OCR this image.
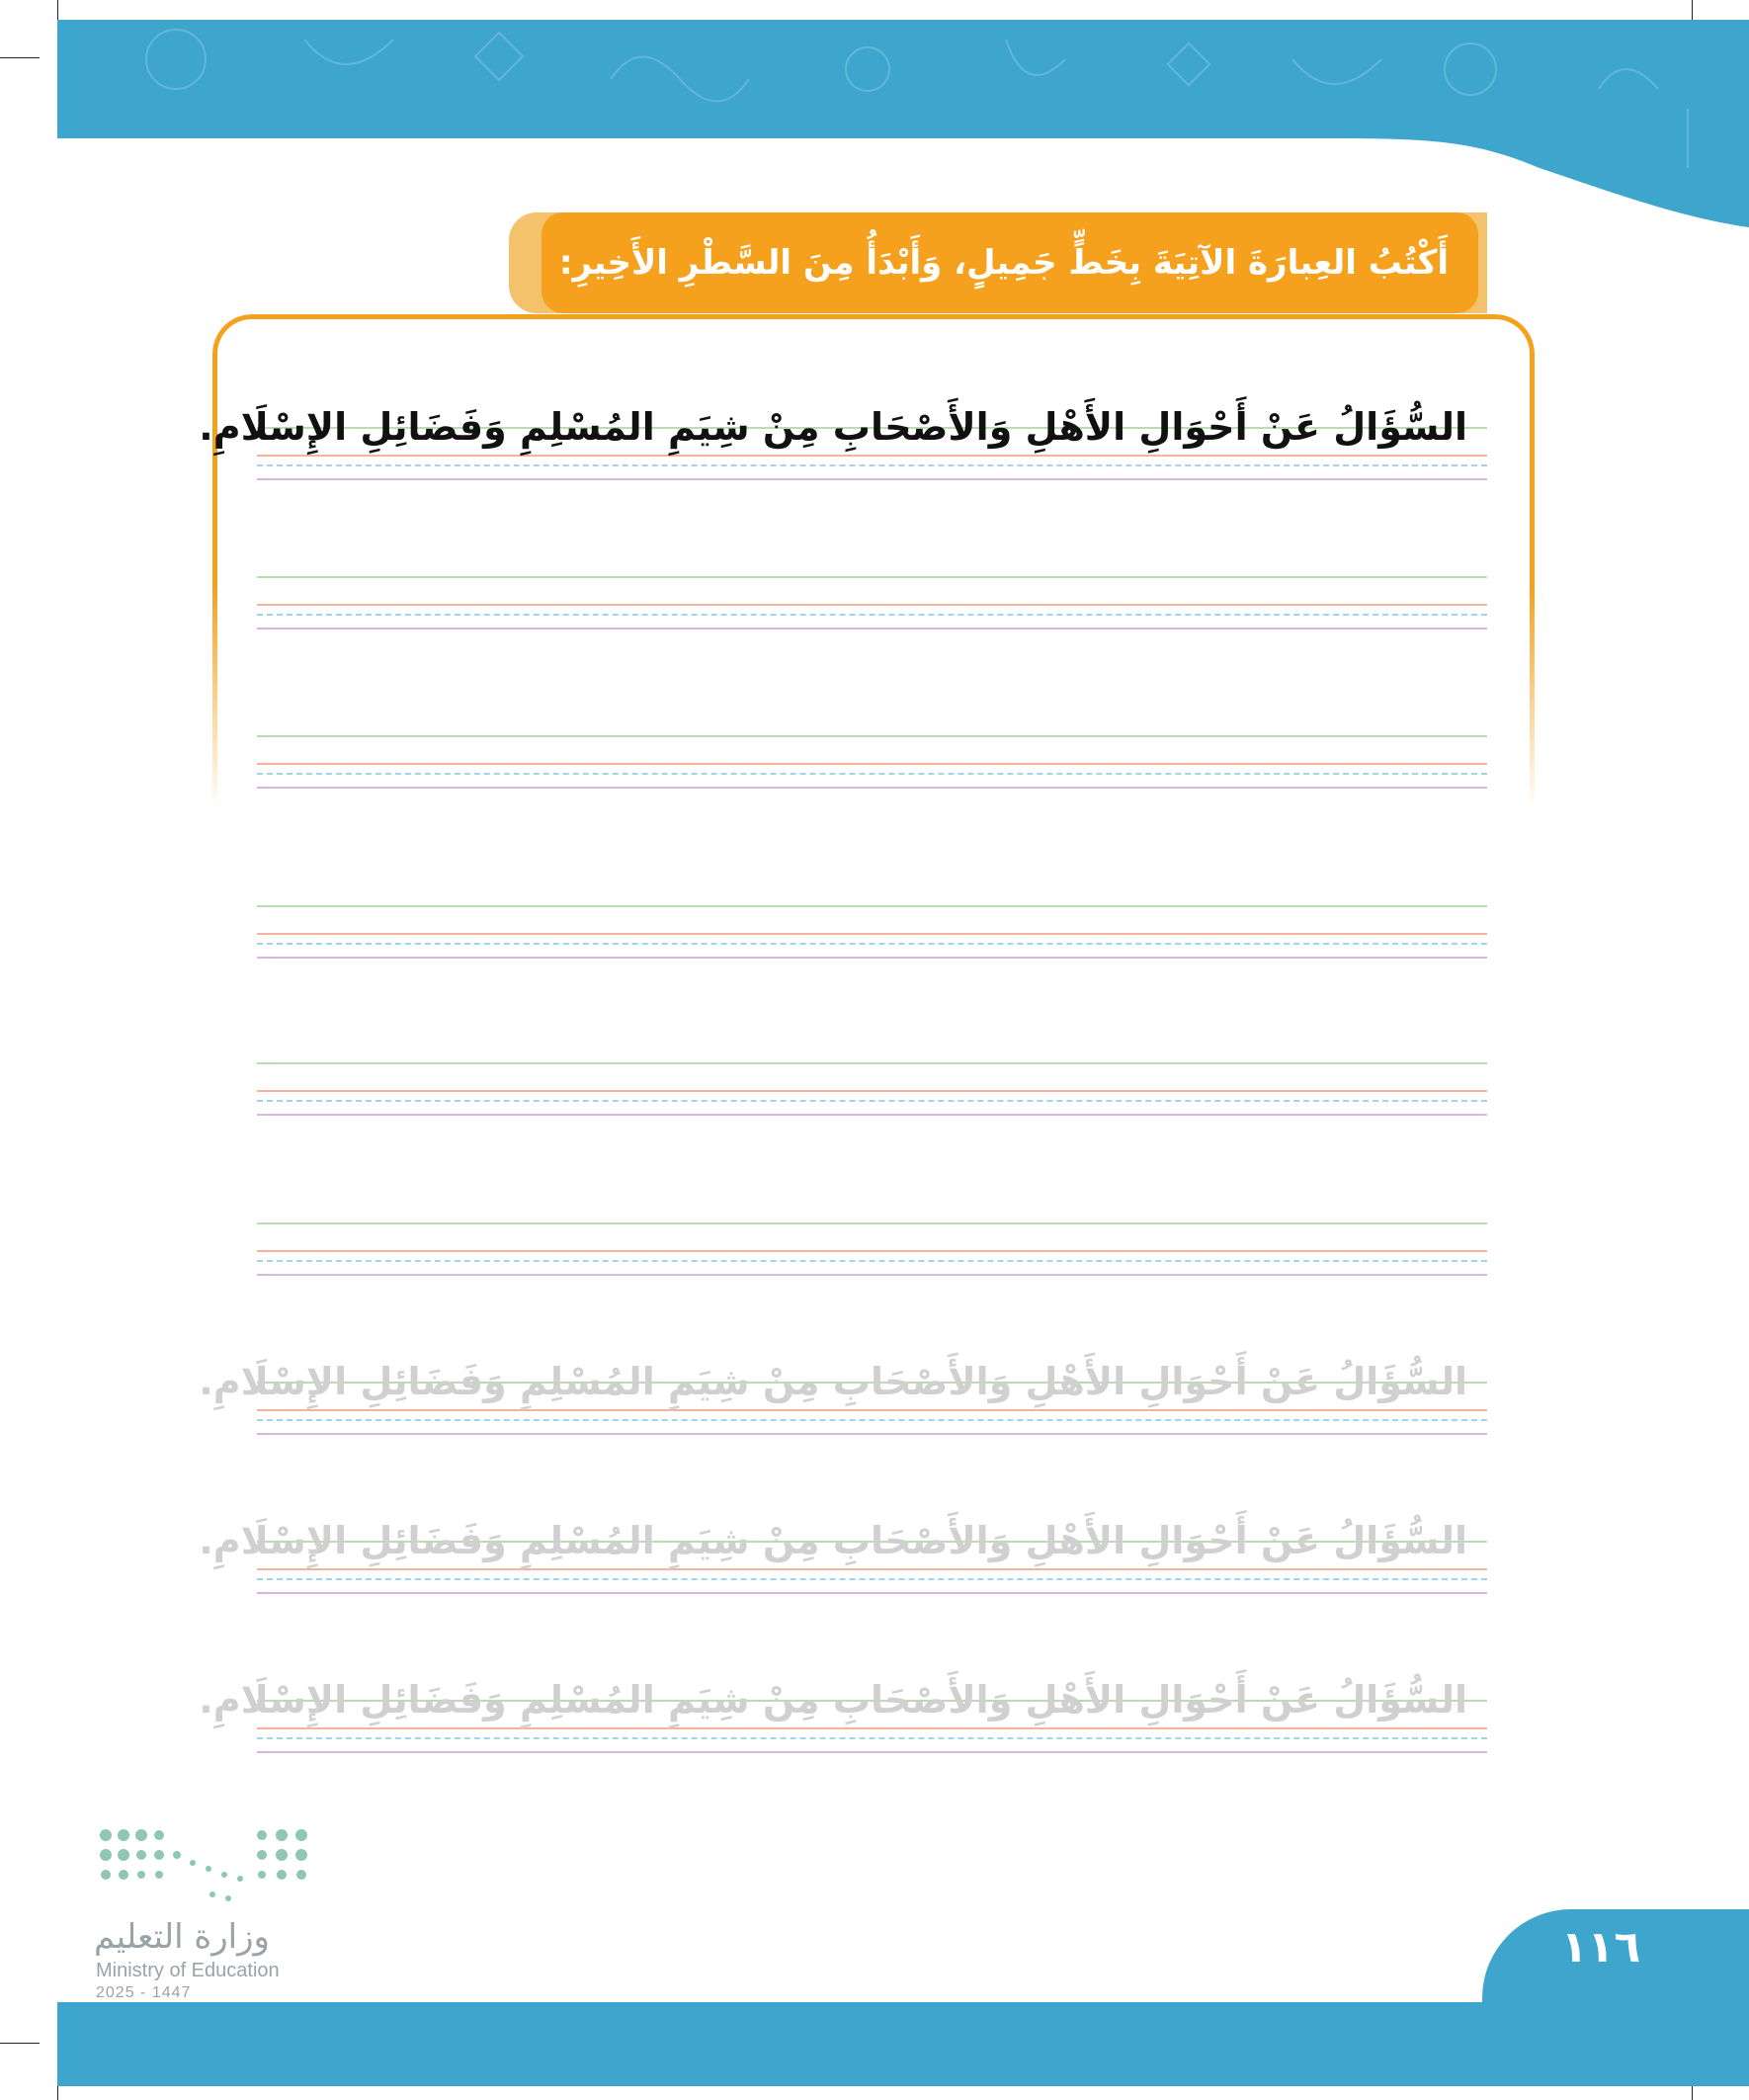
أَكْتُبُ العِبارَةَ الآتِيَةَ بِخَطٍّ جَمِيلٍ، وَأَبْدَأُ مِنَ السَّطْرِ الأَخِيرِ:
السُّؤَالُ عَنْ أَحْوَالِ الأَهْلِ وَالأَصْحَابِ مِنْ شِيَمِ المُسْلِمِ وَفَضَائِلِ الإِسْلَامِ.
السُّؤَالُ عَنْ أَحْوَالِ الأَهْلِ وَالأَصْحَابِ مِنْ شِيَمِ المُسْلِمِ وَفَضَائِلِ الإِسْلَامِ.
السُّؤَالُ عَنْ أَحْوَالِ الأَهْلِ وَالأَصْحَابِ مِنْ شِيَمِ المُسْلِمِ وَفَضَائِلِ الإِسْلَامِ.
السُّؤَالُ عَنْ أَحْوَالِ الأَهْلِ وَالأَصْحَابِ مِنْ شِيَمِ المُسْلِمِ وَفَضَائِلِ الإِسْلَامِ.
وزارة التعليم
Ministry of Education
2025 - 1447
١١٦
